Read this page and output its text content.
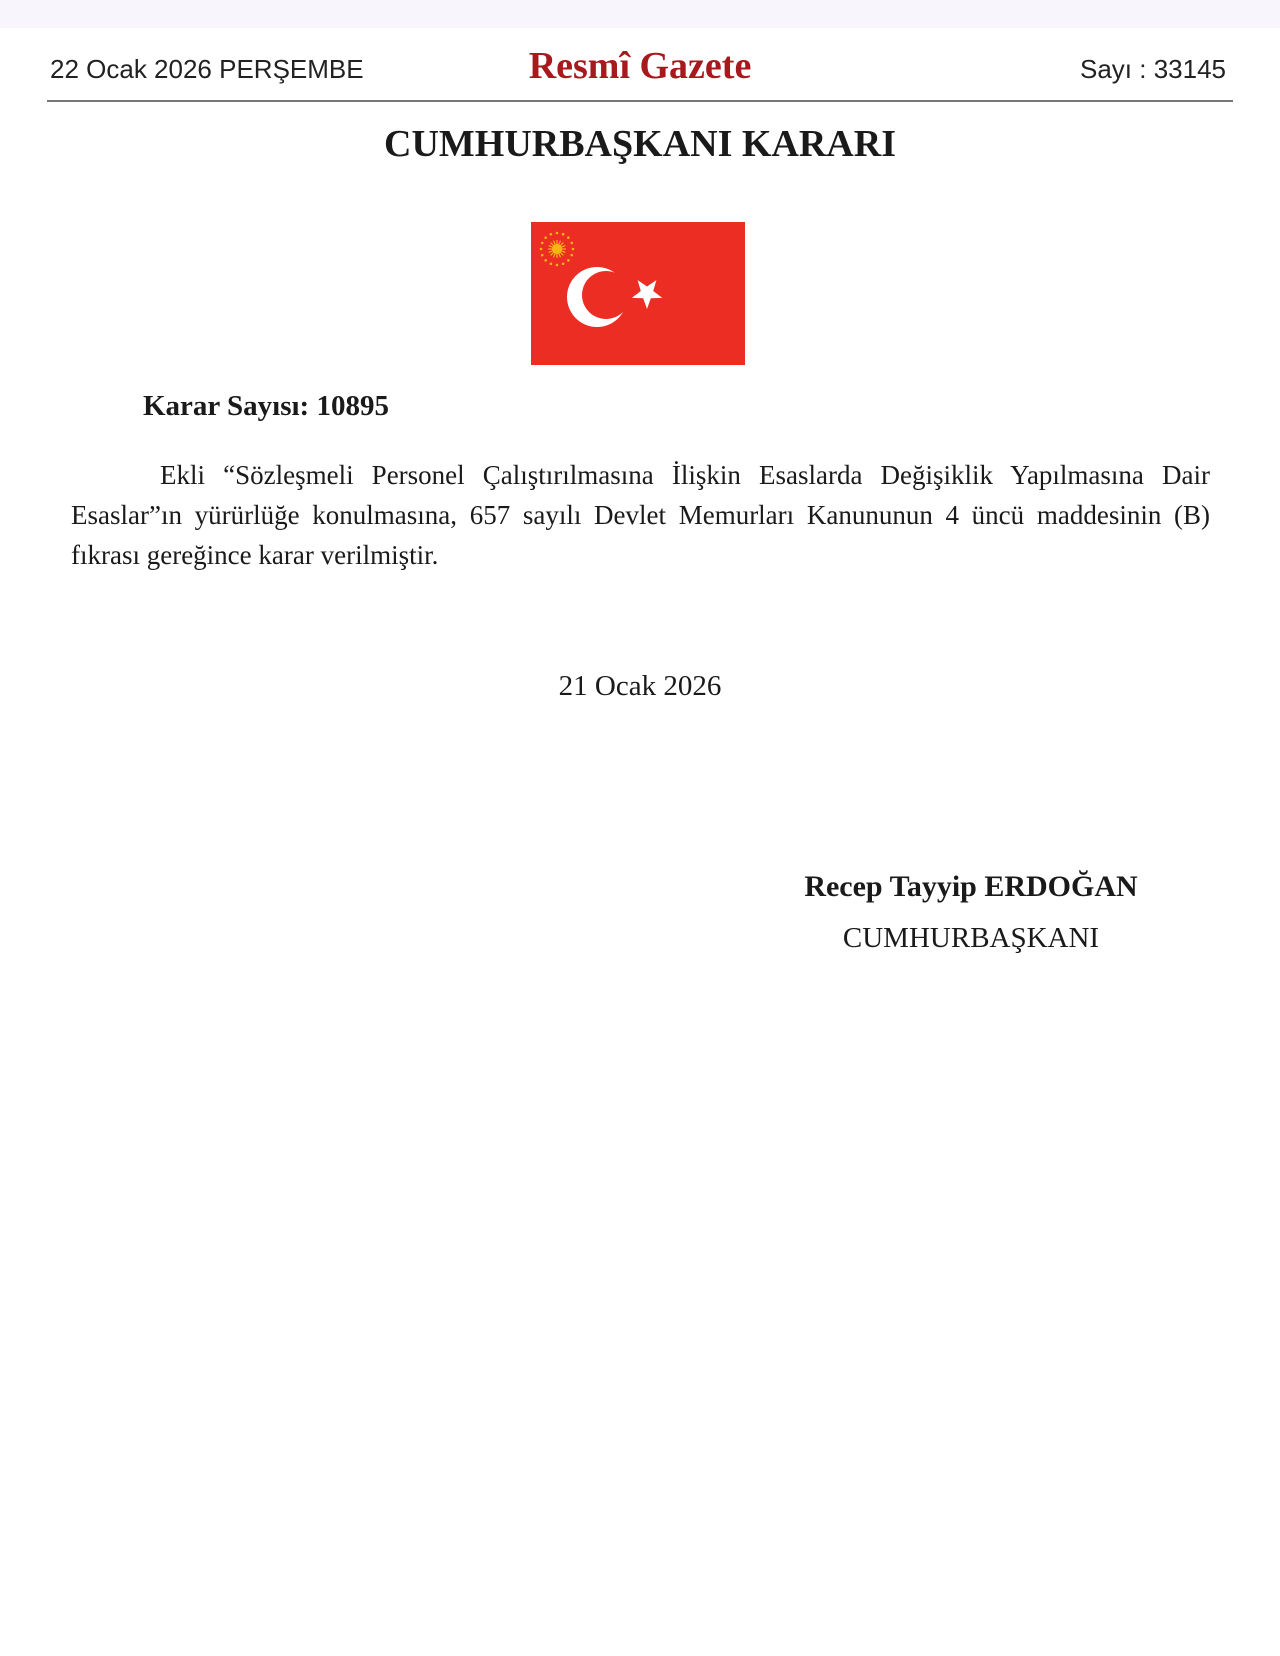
22 Ocak 2026 PERŞEMBE	Resmî Gazete	Sayı : 33145
CUMHURBAŞKANI KARARI
Karar Sayısı: 10895
Ekli “Sözleşmeli Personel Çalıştırılmasına İlişkin Esaslarda Değişiklik Yapılmasına Dair Esaslar”ın yürürlüğe konulmasına, 657 sayılı Devlet Memurları Kanununun 4 üncü maddesinin (B) fıkrası gereğince karar verilmiştir.
21 Ocak 2026
Recep Tayyip ERDOĞAN
CUMHURBAŞKANI
